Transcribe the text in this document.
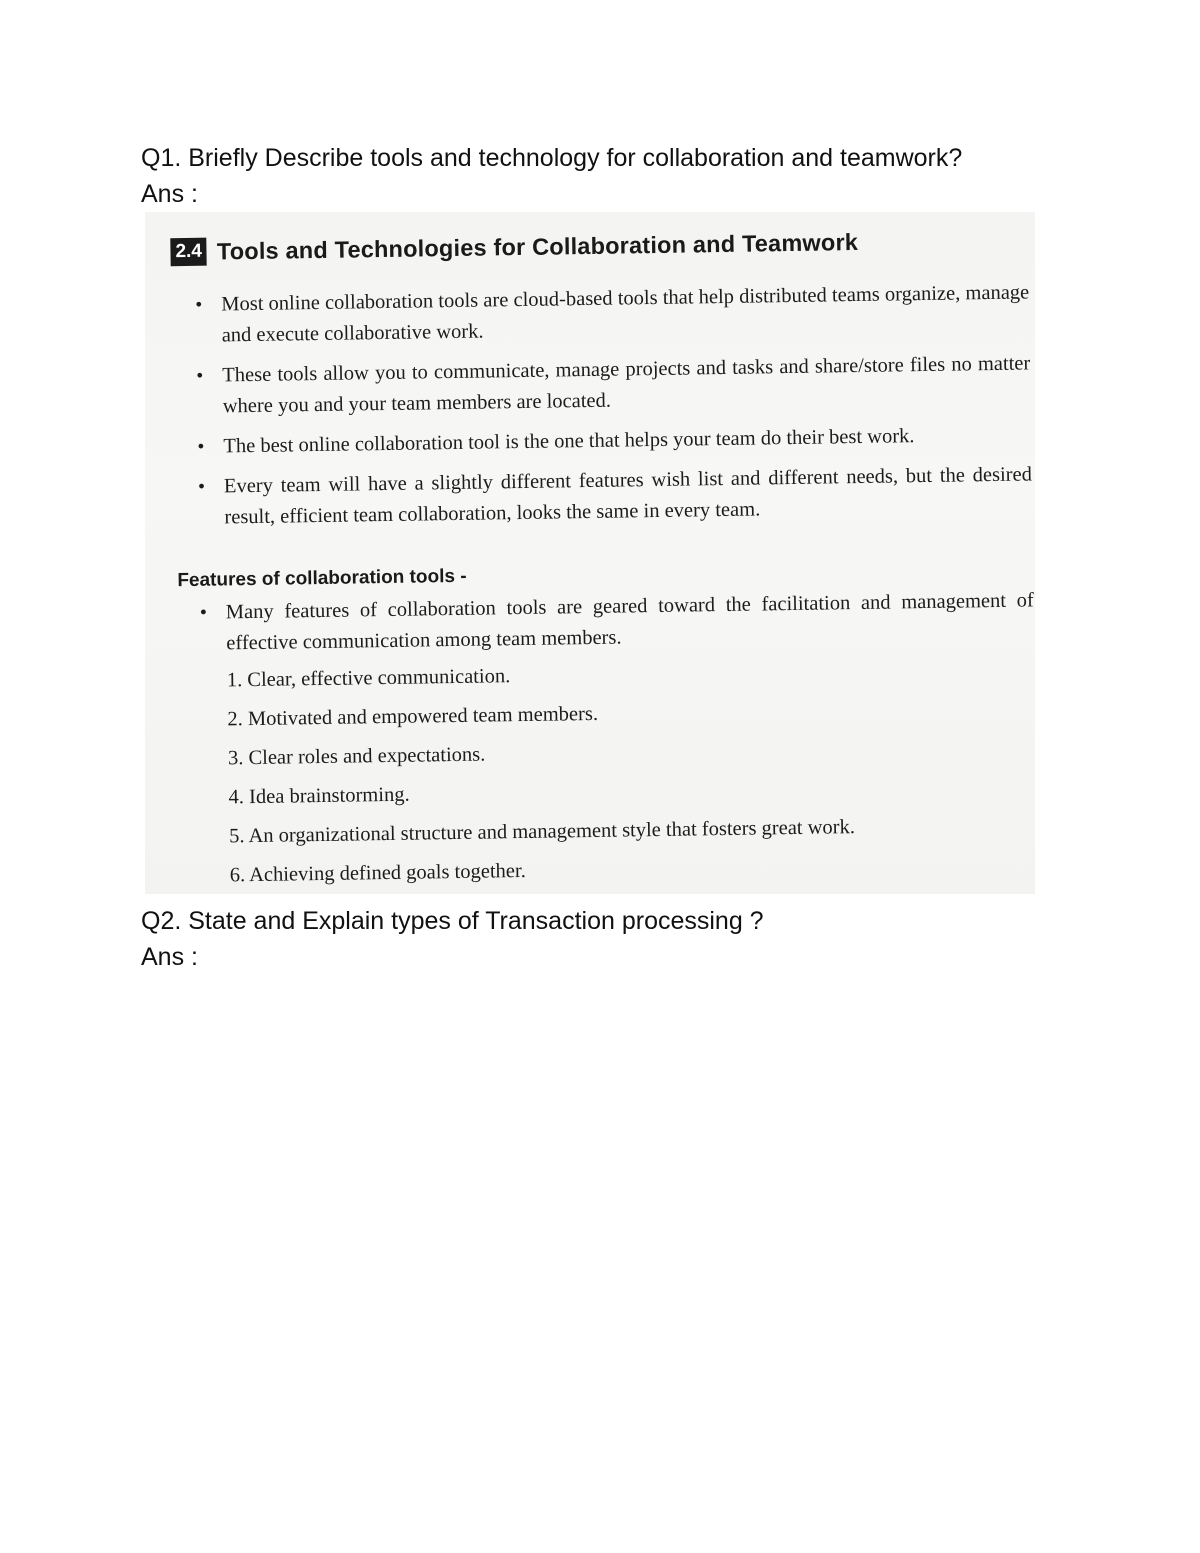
Q1. Briefly Describe tools and technology for collaboration and teamwork?
Ans :
2.4 Tools and Technologies for Collaboration and Teamwork
• Most online collaboration tools are cloud-based tools that help distributed teams organize, manage and execute collaborative work.
• These tools allow you to communicate, manage projects and tasks and share/store files no matter where you and your team members are located.
• The best online collaboration tool is the one that helps your team do their best work.
• Every team will have a slightly different features wish list and different needs, but the desired result, efficient team collaboration, looks the same in every team.
Features of collaboration tools -
• Many features of collaboration tools are geared toward the facilitation and management of effective communication among team members.
1. Clear, effective communication.
2. Motivated and empowered team members.
3. Clear roles and expectations.
4. Idea brainstorming.
5. An organizational structure and management style that fosters great work.
6. Achieving defined goals together.
Q2. State and Explain types of Transaction processing ?
Ans :
